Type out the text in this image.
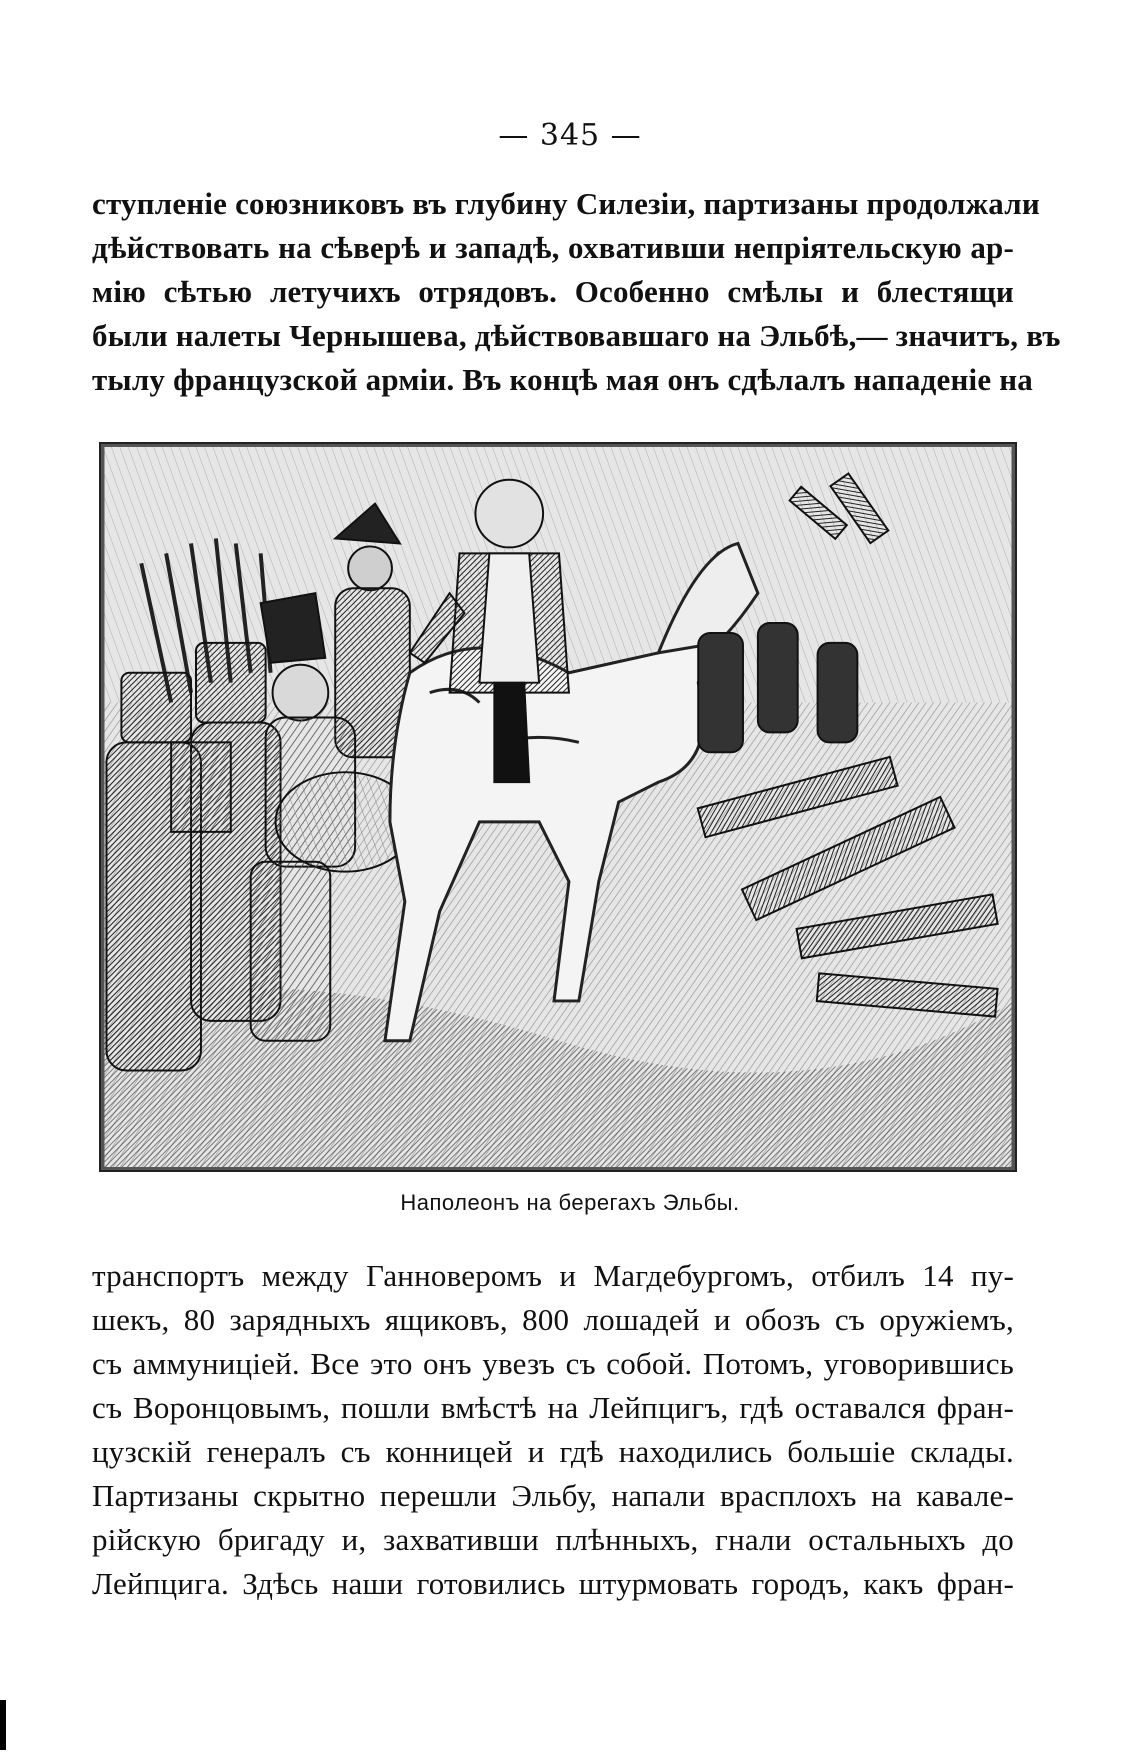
— 345 —
ступленіе союзниковъ въ глубину Силезіи, партизаны продолжали
дѣйствовать на сѣверѣ и западѣ, охвативши непріятельскую ар-
мію сѣтью летучихъ отрядовъ. Особенно смѣлы и блестящи
были налеты Чернышева, дѣйствовавшаго на Эльбѣ,— значитъ, въ
тылу французской арміи. Въ концѣ мая онъ сдѣлалъ нападеніе на
Наполеонъ на берегахъ Эльбы.
транспортъ между Ганноверомъ и Магдебургомъ, отбилъ 14 пу-
шекъ, 80 зарядныхъ ящиковъ, 800 лошадей и обозъ съ оружіемъ,
съ аммуниціей. Все это онъ увезъ съ собой. Потомъ, уговорившись
съ Воронцовымъ, пошли вмѣстѣ на Лейпцигъ, гдѣ оставался фран-
цузскій генералъ съ конницей и гдѣ находились большіе склады.
Партизаны скрытно перешли Эльбу, напали врасплохъ на кавале-
рійскую бригаду и, захвативши плѣнныхъ, гнали остальныхъ до
Лейпцига. Здѣсь наши готовились штурмовать городъ, какъ фран-
